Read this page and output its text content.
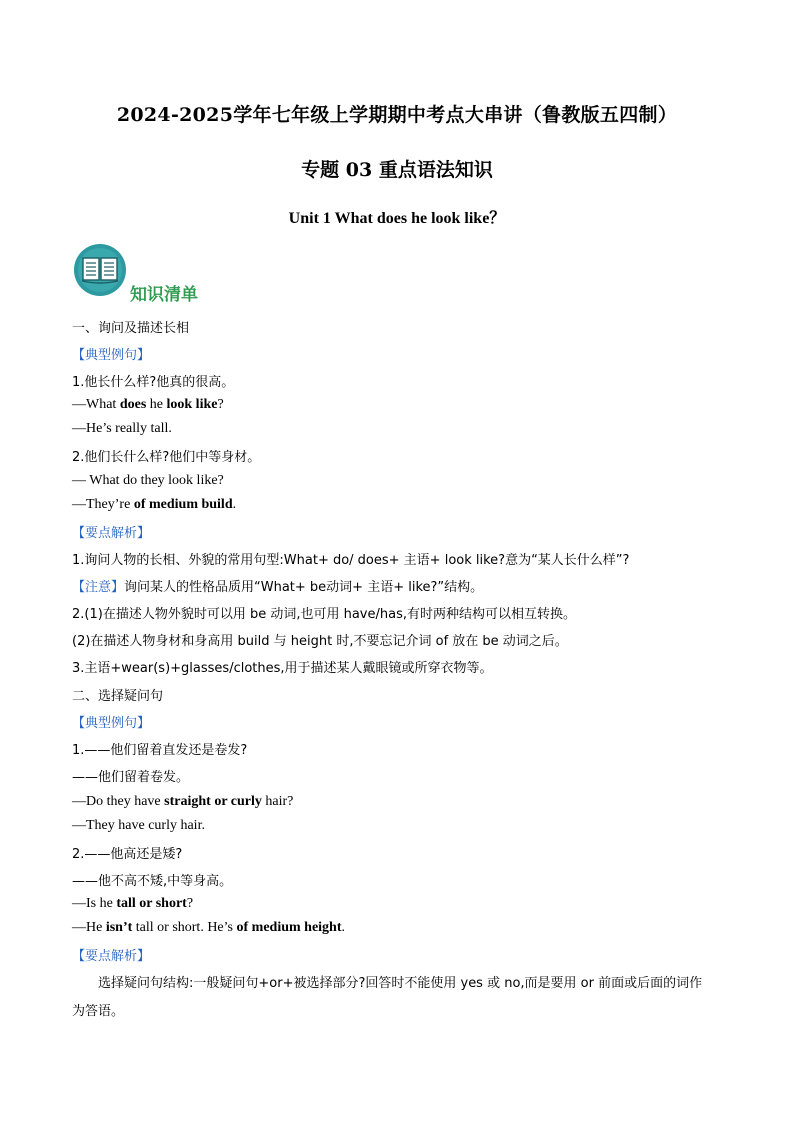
2024-2025学年七年级上学期期中考点大串讲（鲁教版五四制）
专题 03 重点语法知识
Unit 1 What does he look like？
知识清单
一、询问及描述长相
【典型例句】
1.他长什么样?他真的很高。
—What does he look like?
—He’s really tall.
2.他们长什么样?他们中等身材。
— What do they look like?
—They’re of medium build.
【要点解析】
1.询问人物的长相、外貌的常用句型:What+ do/ does+ 主语+ look like?意为“某人长什么样”?
【注意】询问某人的性格品质用“What+ be动词+ 主语+ like?”结构。
2.(1)在描述人物外貌时可以用 be 动词,也可用 have/has,有时两种结构可以相互转换。
(2)在描述人物身材和身高用 build 与 height 时,不要忘记介词 of 放在 be 动词之后。
3.主语+wear(s)+glasses/clothes,用于描述某人戴眼镜或所穿衣物等。
二、选择疑问句
【典型例句】
1.——他们留着直发还是卷发?
——他们留着卷发。
—Do they have straight or curly hair?
—They have curly hair.
2.——他高还是矮?
——他不高不矮,中等身高。
—Is he tall or short?
—He isn’t tall or short. He’s of medium height.
【要点解析】
选择疑问句结构:一般疑问句+or+被选择部分?回答时不能使用 yes 或 no,而是要用 or 前面或后面的词作
为答语。
